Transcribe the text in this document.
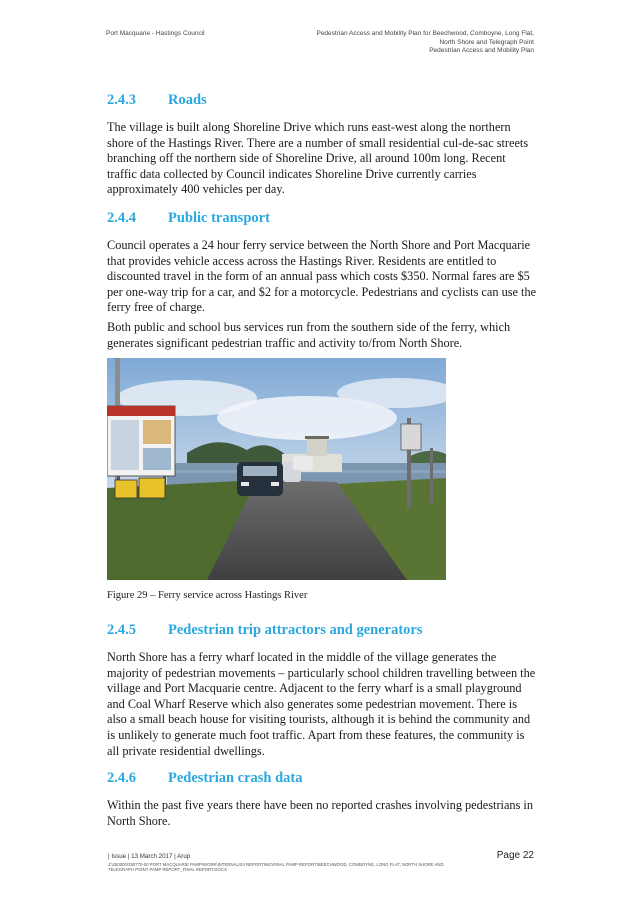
Port Macquarie - Hastings Council	Pedestrian Access and Mobility Plan for Beechwood, Comboyne, Long Flat,
North Shore and Telegraph Point
Pedestrian Access and Mobility Plan
2.4.3 Roads
The village is built along Shoreline Drive which runs east-west along the northern shore of the Hastings River. There are a number of small residential cul-de-sac streets branching off the northern side of Shoreline Drive, all around 100m long. Recent traffic data collected by Council indicates Shoreline Drive currently carries approximately 400 vehicles per day.
2.4.4 Public transport
Council operates a 24 hour ferry service between the North Shore and Port Macquarie that provides vehicle access across the Hastings River. Residents are entitled to discounted travel in the form of an annual pass which costs $350. Normal fares are $5 per one-way trip for a car, and $2 for a motorcycle. Pedestrians and cyclists can use the ferry free of charge.
Both public and school bus services run from the southern side of the ferry, which generates significant pedestrian traffic and activity to/from North Shore.
Figure 29 – Ferry service across Hastings River
2.4.5 Pedestrian trip attractors and generators
North Shore has a ferry wharf located in the middle of the village generates the majority of pedestrian movements – particularly school children travelling between the village and Port Macquarie centre. Adjacent to the ferry wharf is a small playground and Coal Wharf Reserve which also generates some pedestrian movement. There is also a small beach house for visiting tourists, although it is behind the community and is unlikely to generate much foot traffic. Apart from these features, the community is all private residential dwellings.
2.4.6 Pedestrian crash data
Within the past five years there have been no reported crashes involving pedestrians in North Shore.
| Issue | 13 March 2017 | Arup
J:\250000\250770-00 PORT MACQUARIE PAMP\WORK\INTERNAL\04 REPORTING\FINAL PAMP REPORT\BEECHWOOD, COMBOYNE, LONG FLAT, NORTH SHORE AND TELEGRAPH POINT PAMP REPORT_FINAL REPORT.DOCX
Page 22
